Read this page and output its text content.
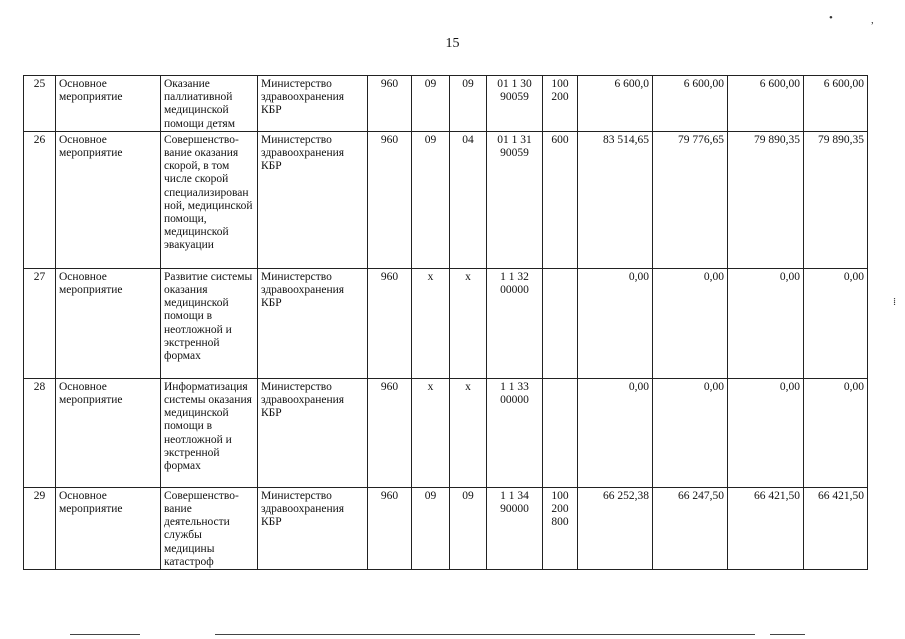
15
•	,
⁞
25	Основное мероприятие	Оказание паллиативной медицинской помощи детям	Министерство здравоохранения КБР	960	09	09	01 1 30 90059	100 200	6 600,0	6 600,00	6 600,00	6 600,00
26	Основное мероприятие	Совершенство-вание оказания скорой, в том числе скорой специализирован ной, медицинской помощи, медицинской эвакуации	Министерство здравоохранения КБР	960	09	04	01 1 31 90059	600	83 514,65	79 776,65	79 890,35	79 890,35
27	Основное мероприятие	Развитие системы оказания медицинской помощи в неотложной и экстренной формах	Министерство здравоохранения КБР	960	x	x	1 1 32 00000		0,00	0,00	0,00	0,00
28	Основное мероприятие	Информатизация системы оказания медицинской помощи в неотложной и экстренной формах	Министерство здравоохранения КБР	960	x	x	1 1 33 00000		0,00	0,00	0,00	0,00
29	Основное мероприятие	Совершенство-вание деятельности службы медицины катастроф	Министерство здравоохранения КБР	960	09	09	1 1 34 90000	100 200 800	66 252,38	66 247,50	66 421,50	66 421,50
